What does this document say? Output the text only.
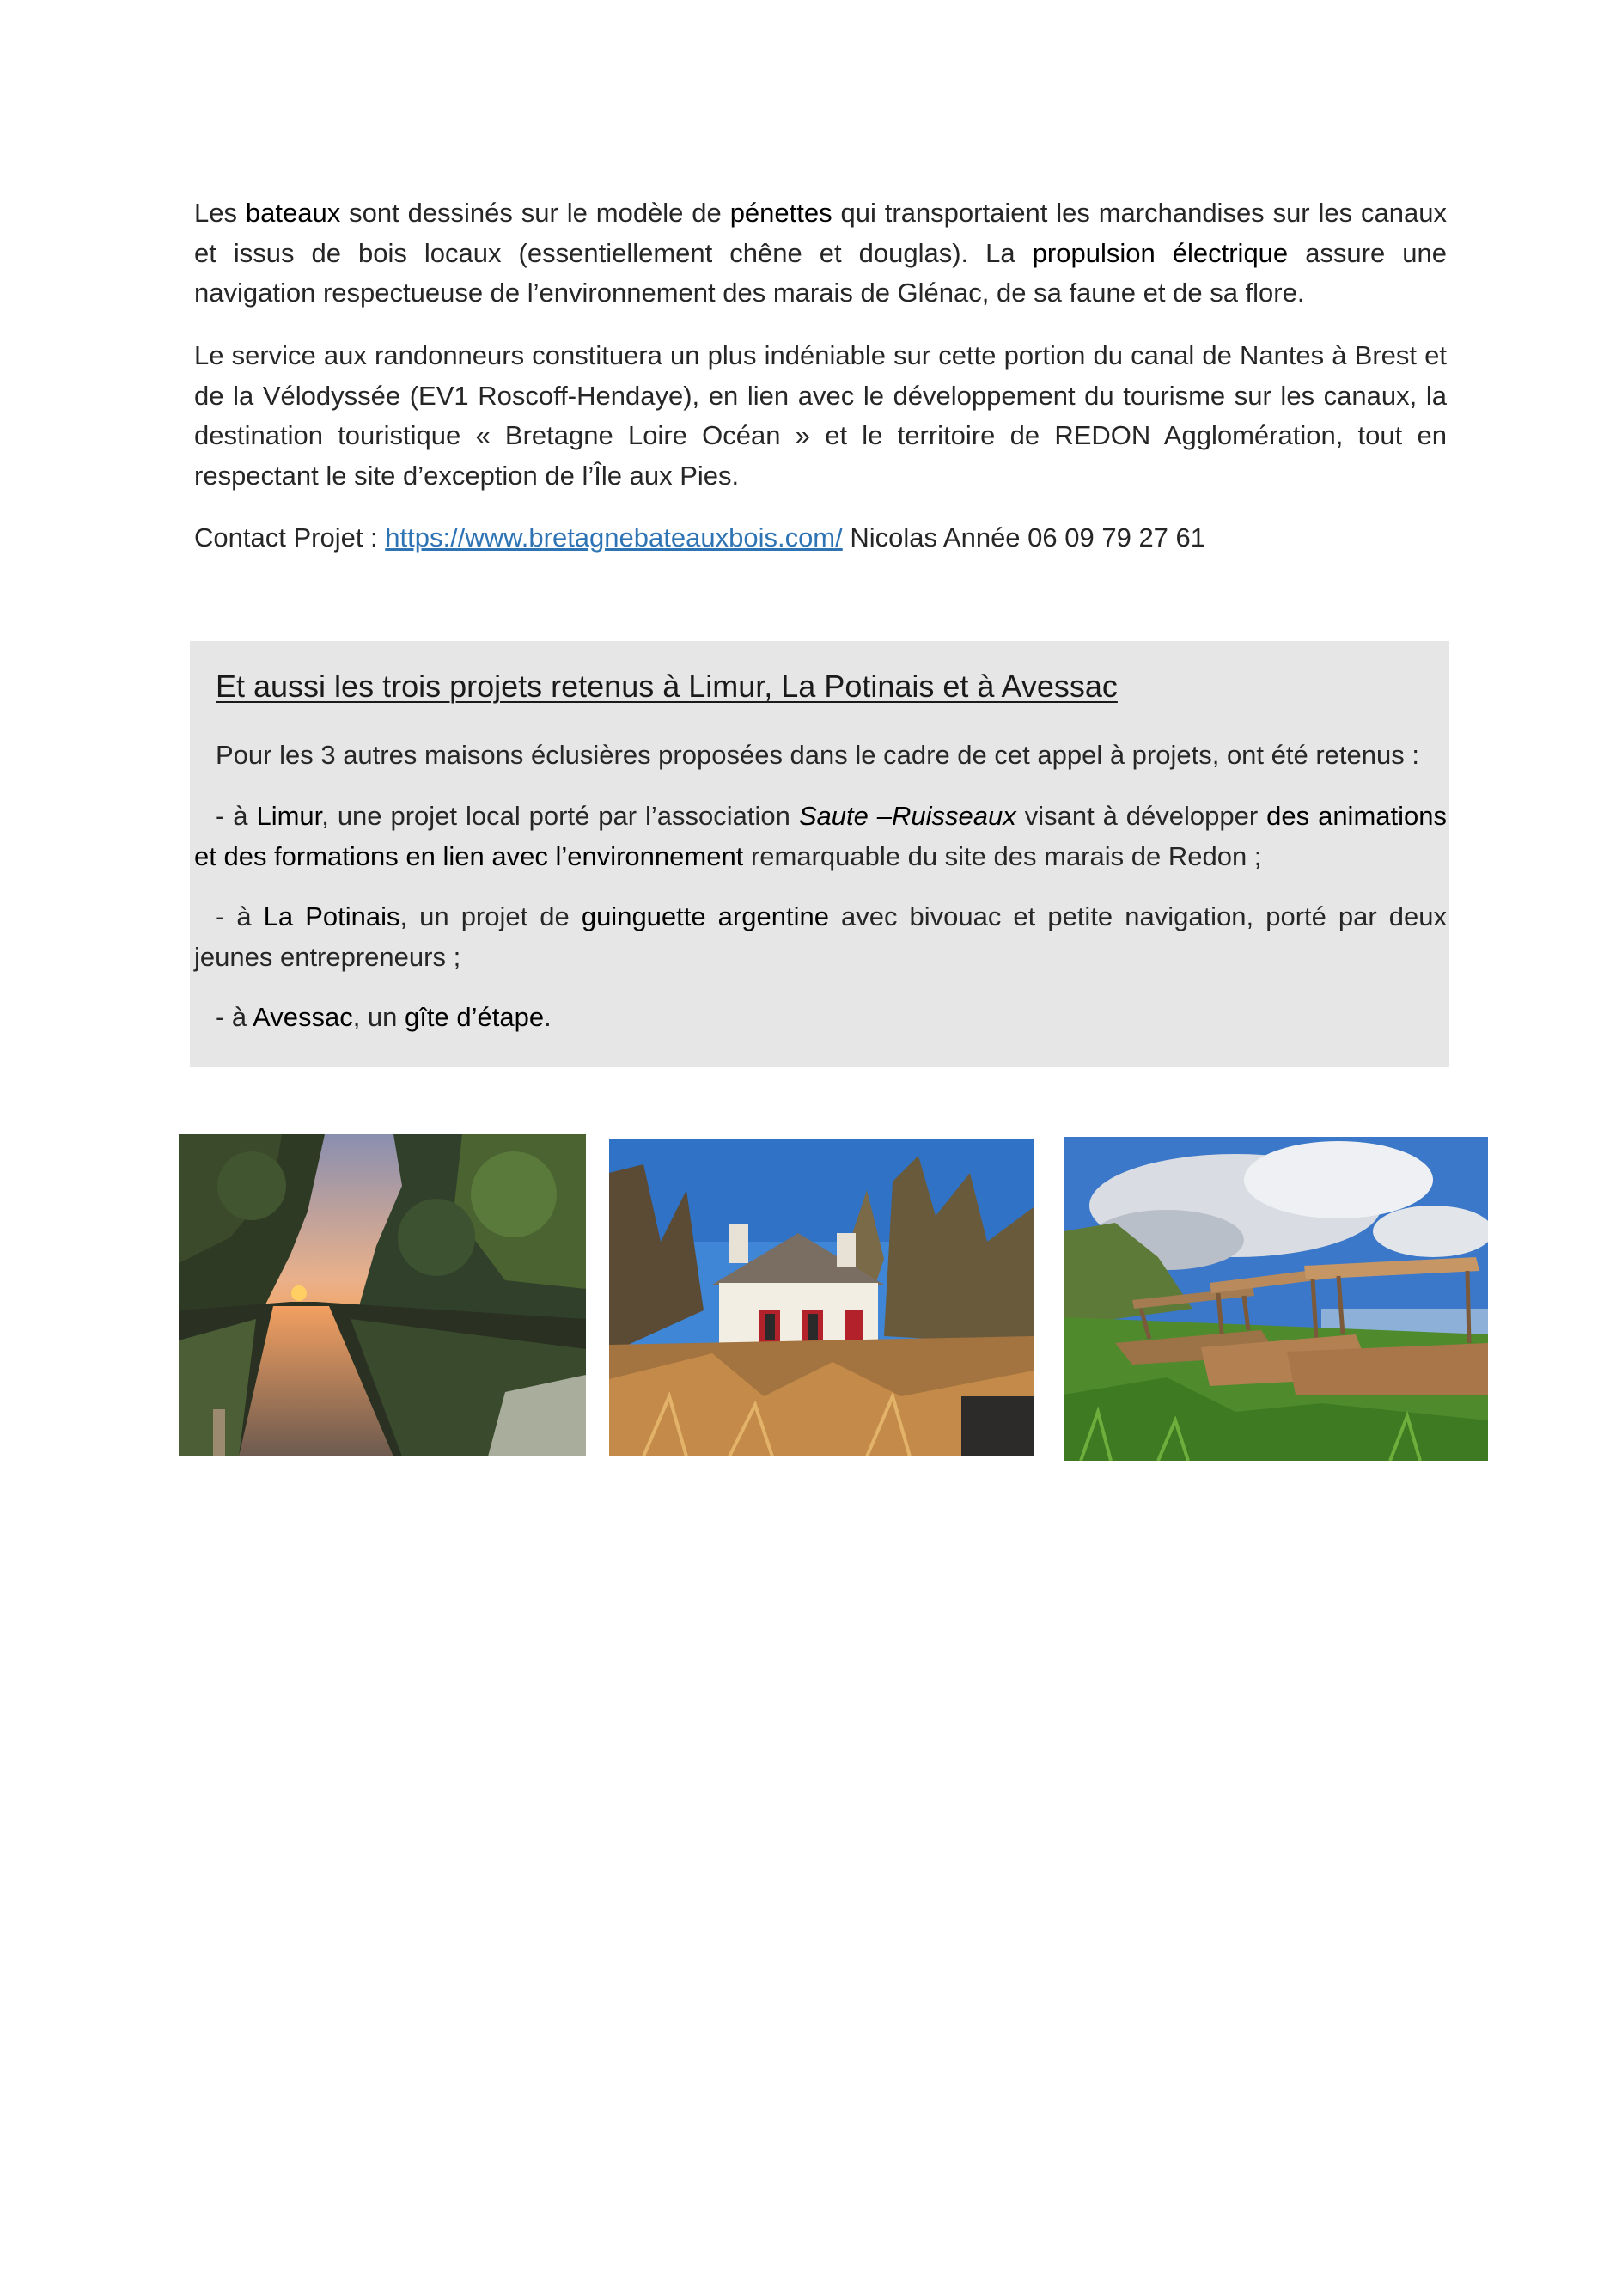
Les bateaux sont dessinés sur le modèle de pénettes qui transportaient les marchandises sur les canaux et issus de bois locaux (essentiellement chêne et douglas). La propulsion électrique assure une navigation respectueuse de l’environnement des marais de Glénac, de sa faune et de sa flore.

Le service aux randonneurs constituera un plus indéniable sur cette portion du canal de Nantes à Brest et de la Vélodyssée (EV1 Roscoff-Hendaye), en lien avec le développement du tourisme sur les canaux, la destination touristique « Bretagne Loire Océan » et le territoire de REDON Agglomération, tout en respectant le site d’exception de l’Île aux Pies.

Contact Projet : https://www.bretagnebateauxbois.com/ Nicolas Année 06 09 79 27 61

Et aussi les trois projets retenus à Limur, La Potinais et à Avessac

Pour les 3 autres maisons éclusières proposées dans le cadre de cet appel à projets, ont été retenus :

- à Limur, une projet local porté par l’association Saute –Ruisseaux visant à développer des animations et des formations en lien avec l’environnement remarquable du site des marais de Redon ;

- à La Potinais, un projet de guinguette argentine avec bivouac et petite navigation, porté par deux jeunes entrepreneurs ;

- à Avessac, un gîte d’étape.
